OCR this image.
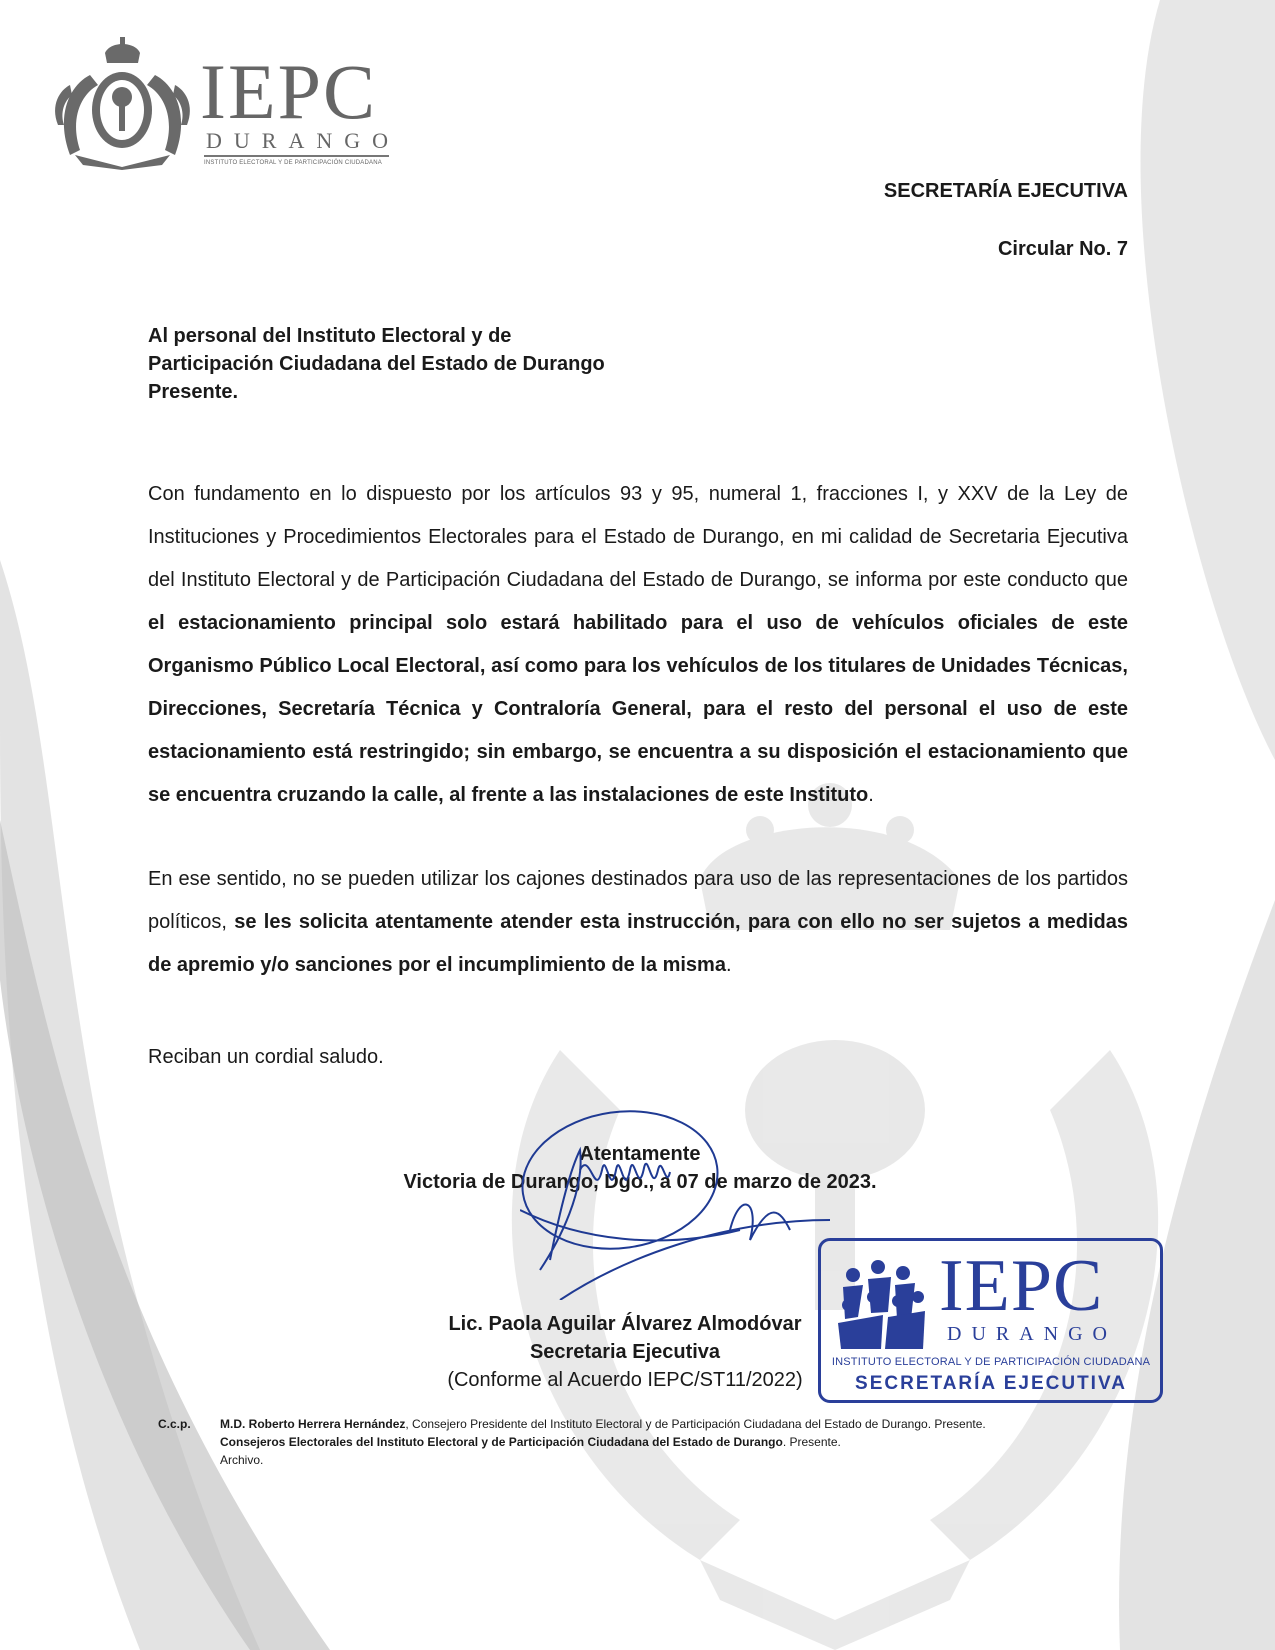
IEPC
DURANGO
INSTITUTO ELECTORAL Y DE PARTICIPACIÓN CIUDADANA
SECRETARÍA EJECUTIVA
Circular No. 7
Al personal del Instituto Electoral y de
Participación Ciudadana del Estado de Durango
Presente.
Con fundamento en lo dispuesto por los artículos 93 y 95, numeral 1, fracciones I, y XXV de la Ley de Instituciones y Procedimientos Electorales para el Estado de Durango, en mi calidad de Secretaria Ejecutiva del Instituto Electoral y de Participación Ciudadana del Estado de Durango, se informa por este conducto que el estacionamiento principal solo estará habilitado para el uso de vehículos oficiales de este Organismo Público Local Electoral, así como para los vehículos de los titulares de Unidades Técnicas, Direcciones, Secretaría Técnica y Contraloría General, para el resto del personal el uso de este estacionamiento está restringido; sin embargo, se encuentra a su disposición el estacionamiento que se encuentra cruzando la calle, al frente a las instalaciones de este Instituto.
En ese sentido, no se pueden utilizar los cajones destinados para uso de las representaciones de los partidos políticos, se les solicita atentamente atender esta instrucción, para con ello no ser sujetos a medidas de apremio y/o sanciones por el incumplimiento de la misma.
Reciban un cordial saludo.
Atentamente
Victoria de Durango, Dgo., a 07 de marzo de 2023.
Lic. Paola Aguilar Álvarez Almodóvar
Secretaria Ejecutiva
(Conforme al Acuerdo IEPC/ST11/2022)
IEPC
DURANGO
INSTITUTO ELECTORAL Y DE PARTICIPACIÓN CIUDADANA
SECRETARÍA EJECUTIVA
C.c.p. M.D. Roberto Herrera Hernández, Consejero Presidente del Instituto Electoral y de Participación Ciudadana del Estado de Durango. Presente.
Consejeros Electorales del Instituto Electoral y de Participación Ciudadana del Estado de Durango. Presente.
Archivo.
